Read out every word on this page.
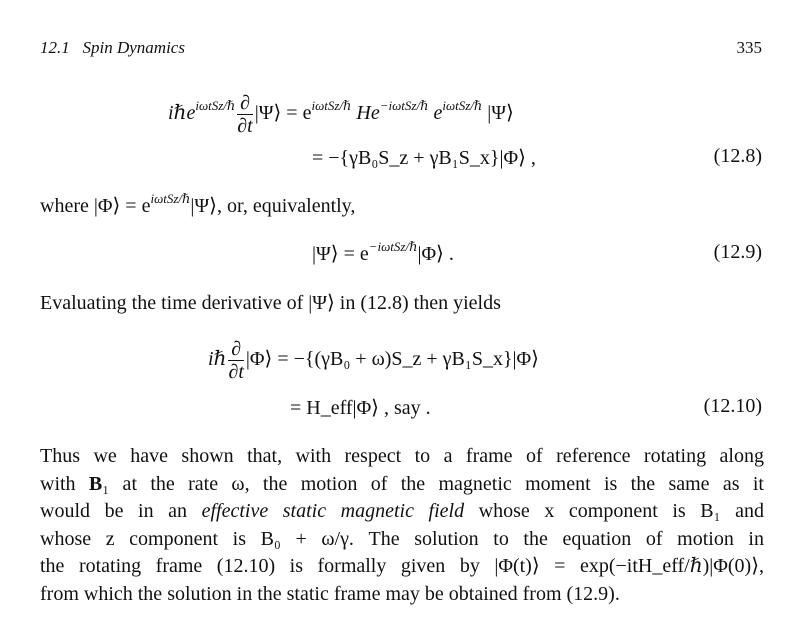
12.1   Spin Dynamics	335
iℏe$^{i\omega tSz/\hbar}$ $\frac{\partial}{\partial t}$ |Ψ⟩ = $e^{i\omega tSz/\hbar}$ $He^{-i\omega tSz/\hbar}$ $e^{i\omega tSz/\hbar}$ |Ψ⟩
= −{γB₀S_z + γB₁S_x}|Φ⟩ ,	(12.8)
where |Φ⟩ = $e^{i\omega tSz/\hbar}|\Psi⟩$, or, equivalently,
|Ψ⟩ = $e^{-i\omega tSz/\hbar}|\Phi⟩$ .	(12.9)
Evaluating the time derivative of |Ψ⟩ in (12.8) then yields
iℏ $\frac{\partial}{\partial t}$ |Φ⟩ = −{(γB₀ + ω)S_z + γB₁S_x}|Φ⟩
= H_eff|Φ⟩ , say .	(12.10)
Thus we have shown that, with respect to a frame of reference rotating along
with B₁ at the rate ω, the motion of the magnetic moment is the same as it
would be in an effective static magnetic field whose x component is B₁ and
whose z component is B₀ + ω/γ. The solution to the equation of motion in
the rotating frame (12.10) is formally given by |Φ(t)⟩ = exp(−itH_eff/ℏ)|Φ(0)⟩,
from which the solution in the static frame may be obtained from (12.9).
